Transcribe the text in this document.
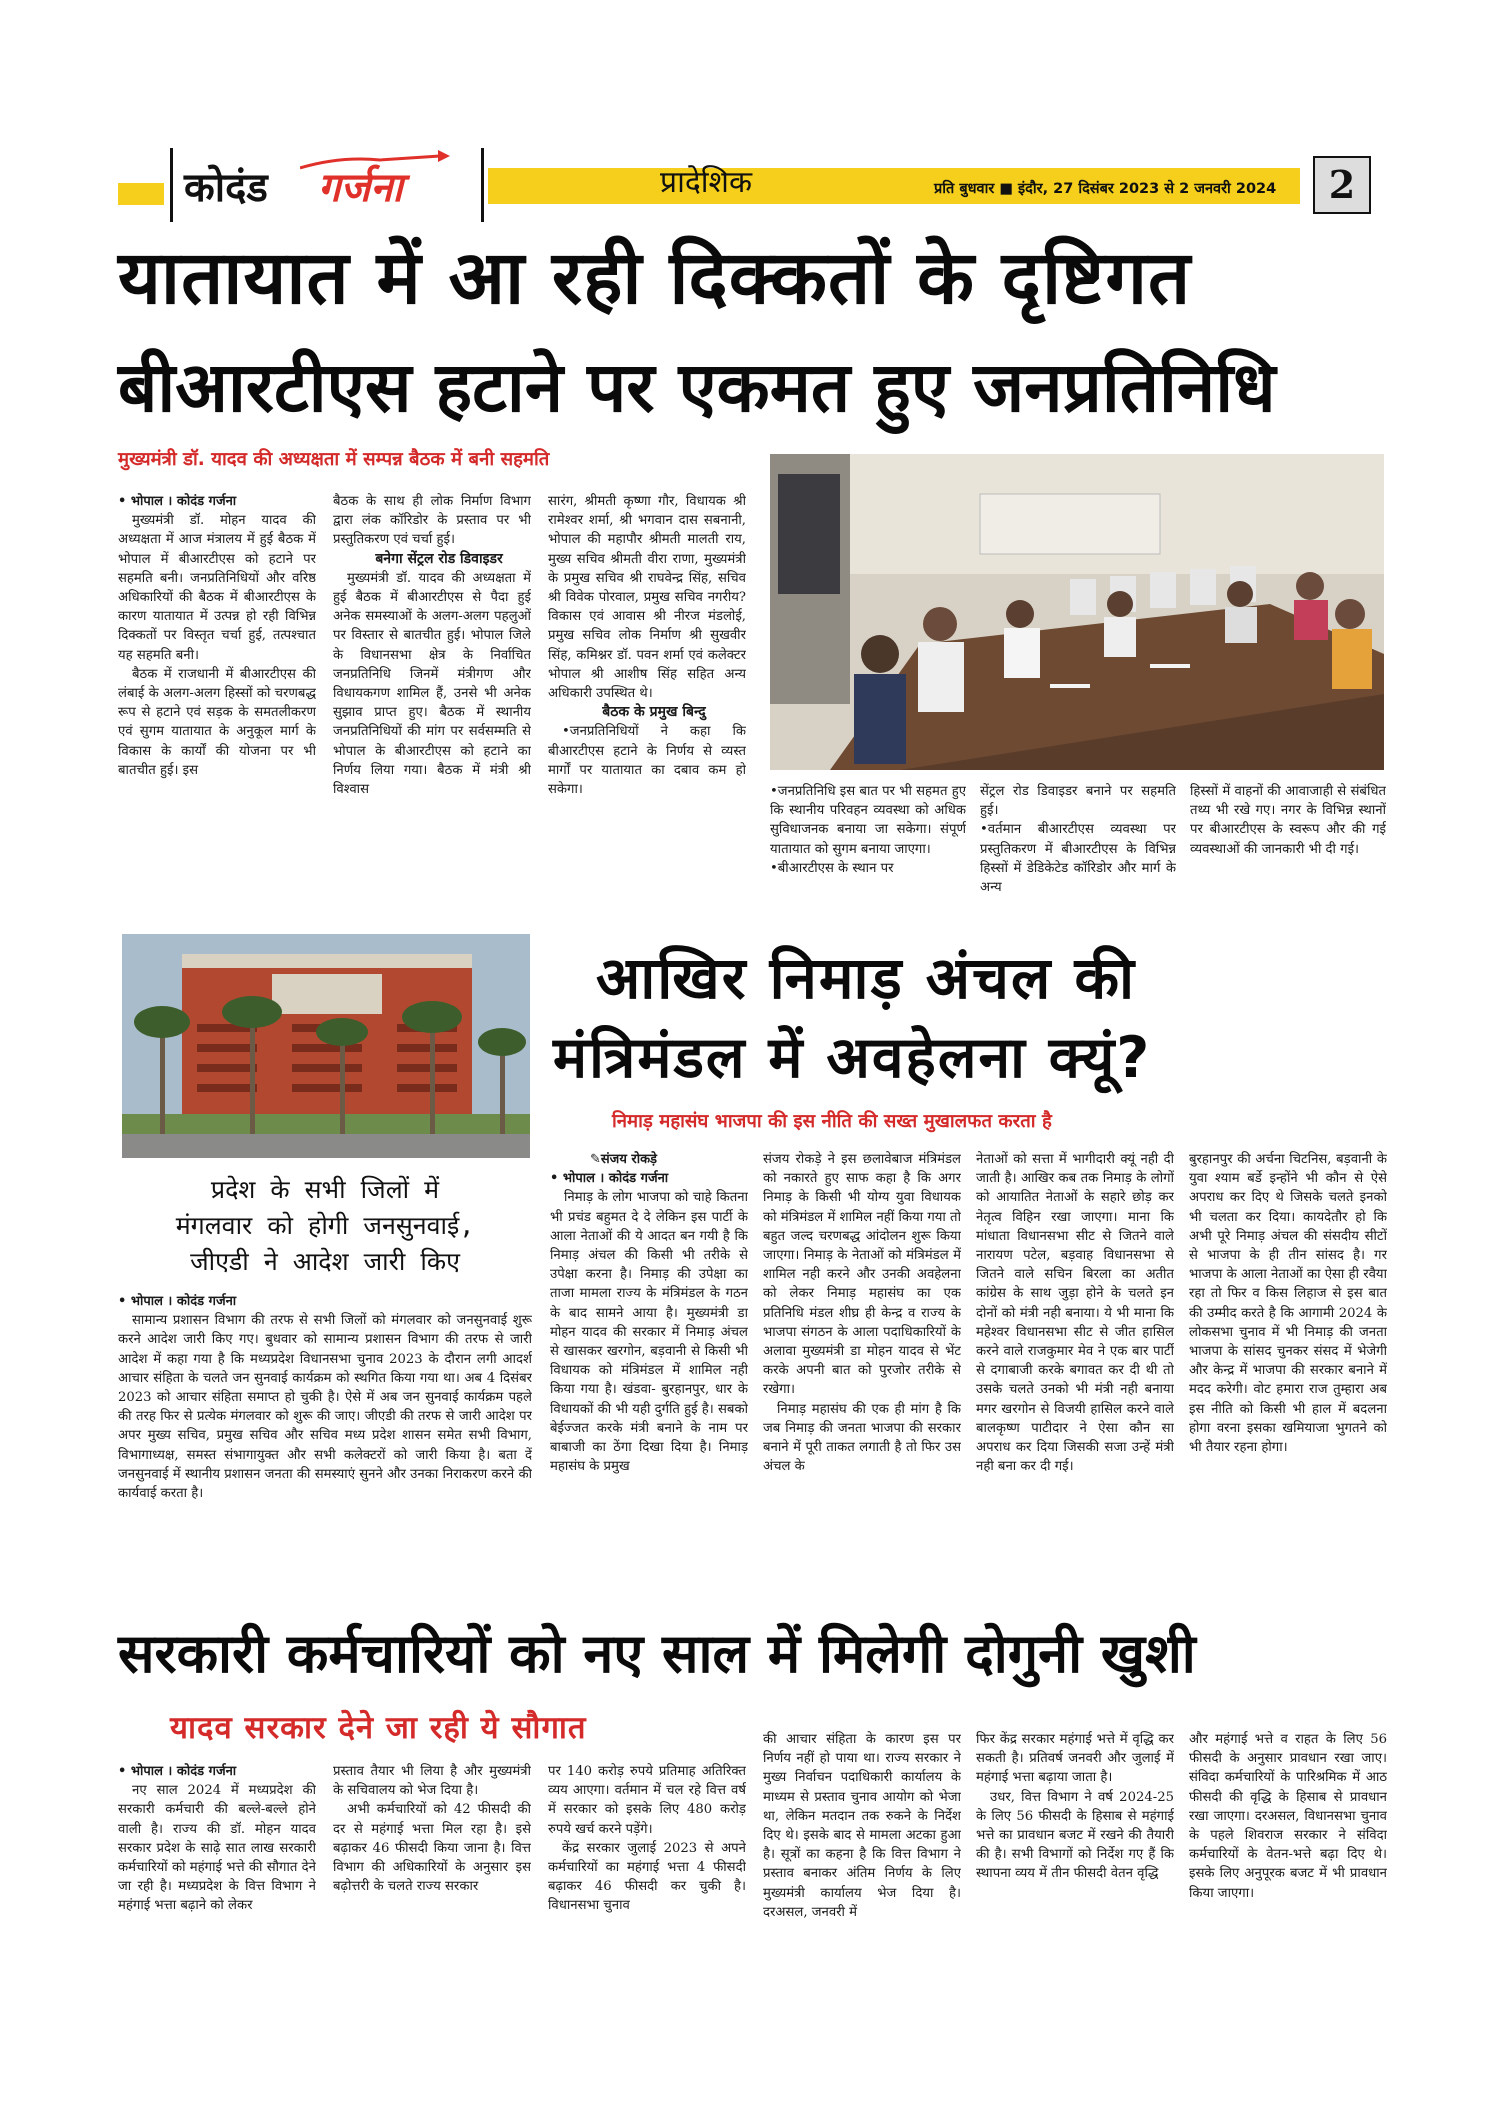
कोदंड गर्जना	प्रादेशिक	प्रति बुधवार ■ इंदौर, 27 दिसंबर 2023 से 2 जनवरी 2024	2
यातायात में आ रही दिक्कतों के दृष्टिगत
बीआरटीएस हटाने पर एकमत हुए जनप्रतिनिधि
मुख्यमंत्री डॉ. यादव की अध्यक्षता में सम्पन्न बैठक में बनी सहमति

• भोपाल । कोदंड गर्जना

मुख्यमंत्री डॉ. मोहन यादव की अध्यक्षता में आज मंत्रालय में हुई बैठक में भोपाल में बीआरटीएस को हटाने पर सहमति बनी। जनप्रतिनिधियों और वरिष्ठ अधिकारियों की बैठक में बीआरटीएस के कारण यातायात में उत्पन्न हो रही विभिन्न दिक्कतों पर विस्तृत चर्चा हुई, तत्पश्चात यह सहमति बनी।

बैठक में राजधानी में बीआरटीएस की लंबाई के अलग-अलग हिस्सों को चरणबद्ध रूप से हटाने एवं सड़क के समतलीकरण एवं सुगम यातायात के अनुकूल मार्ग के विकास के कार्यों की योजना पर भी बातचीत हुई। इस

बैठक के साथ ही लोक निर्माण विभाग द्वारा लंक कॉरिडोर के प्रस्ताव पर भी प्रस्तुतिकरण एवं चर्चा हुई।

बनेगा सेंट्रल रोड डिवाइडर

मुख्यमंत्री डॉ. यादव की अध्यक्षता में हुई बैठक में बीआरटीएस से पैदा हुई अनेक समस्याओं के अलग-अलग पहलुओं पर विस्तार से बातचीत हुई। भोपाल जिले के विधानसभा क्षेत्र के निर्वाचित जनप्रतिनिधि जिनमें मंत्रीगण और विधायकगण शामिल हैं, उनसे भी अनेक सुझाव प्राप्त हुए। बैठक में स्थानीय जनप्रतिनिधियों की मांग पर सर्वसम्मति से भोपाल के बीआरटीएस को हटाने का निर्णय लिया गया। बैठक में मंत्री श्री विश्वास

सारंग, श्रीमती कृष्णा गौर, विधायक श्री रामेश्वर शर्मा, श्री भगवान दास सबनानी, भोपाल की महापौर श्रीमती मालती राय, मुख्य सचिव श्रीमती वीरा राणा, मुख्यमंत्री के प्रमुख सचिव श्री राघवेन्द्र सिंह, सचिव श्री विवेक पोरवाल, प्रमुख सचिव नगरीय? विकास एवं आवास श्री नीरज मंडलोई, प्रमुख सचिव लोक निर्माण श्री सुखवीर सिंह, कमिश्नर डॉ. पवन शर्मा एवं कलेक्टर भोपाल श्री आशीष सिंह सहित अन्य अधिकारी उपस्थित थे।

बैठक के प्रमुख बिन्दु

•जनप्रतिनिधियों ने कहा कि बीआरटीएस हटाने के निर्णय से व्यस्त मार्गों पर यातायात का दबाव कम हो सकेगा।	•जनप्रतिनिधि इस बात पर भी सहमत हुए कि स्थानीय परिवहन व्यवस्था को अधिक सुविधाजनक बनाया जा सकेगा। संपूर्ण यातायात को सुगम बनाया जाएगा।

•बीआरटीएस के स्थान पर

सेंट्रल रोड डिवाइडर बनाने पर सहमति हुई।

•वर्तमान बीआरटीएस व्यवस्था पर प्रस्तुतिकरण में बीआरटीएस के विभिन्न हिस्सों में डेडिकेटेड कॉरिडोर और मार्ग के अन्य

हिस्सों में वाहनों की आवाजाही से संबंधित तथ्य भी रखे गए। नगर के विभिन्न स्थानों पर बीआरटीएस के स्वरूप और की गई व्यवस्थाओं की जानकारी भी दी गई।

प्रदेश के सभी जिलों में
मंगलवार को होगी जनसुनवाई,
जीएडी ने आदेश जारी किए

• भोपाल । कोदंड गर्जना

सामान्य प्रशासन विभाग की तरफ से सभी जिलों को मंगलवार को जनसुनवाई शुरू करने आदेश जारी किए गए। बुधवार को सामान्य प्रशासन विभाग की तरफ से जारी आदेश में कहा गया है कि मध्यप्रदेश विधानसभा चुनाव 2023 के दौरान लगी आदर्श आचार संहिता के चलते जन सुनवाई कार्यक्रम को स्थगित किया गया था। अब 4 दिसंबर 2023 को आचार संहिता समाप्त हो चुकी है। ऐसे में अब जन सुनवाई कार्यक्रम पहले की तरह फिर से प्रत्येक मंगलवार को शुरू की जाए। जीएडी की तरफ से जारी आदेश पर अपर मुख्य सचिव, प्रमुख सचिव और सचिव मध्य प्रदेश शासन समेत सभी विभाग, विभागाध्यक्ष, समस्त संभागायुक्त और सभी कलेक्टरों को जारी किया है। बता दें जनसुनवाई में स्थानीय प्रशासन जनता की समस्याएं सुनने और उनका निराकरण करने की कार्यवाई करता है।

आखिर निमाड़ अंचल की
मंत्रिमंडल में अवहेलना क्यूं?
निमाड़ महासंघ भाजपा की इस नीति की सख्त मुखालफत करता है

✎संजय रोकड़े

• भोपाल । कोदंड गर्जना

निमाड़ के लोग भाजपा को चाहे कितना भी प्रचंड बहुमत दे दे लेकिन इस पार्टी के आला नेताओं की ये आदत बन गयी है कि निमाड़ अंचल की किसी भी तरीके से उपेक्षा करना है। निमाड़ की उपेक्षा का ताजा मामला राज्य के मंत्रिमंडल के गठन के बाद सामने आया है। मुख्यमंत्री डा मोहन यादव की सरकार में निमाड़ अंचल से खासकर खरगोन, बड़वानी से किसी भी विधायक को मंत्रिमंडल में शामिल नही किया गया है। खंडवा- बुरहानपुर, धार के विधायकों की भी यही दुर्गति हुई है। सबको बेईज्जत करके मंत्री बनाने के नाम पर बाबाजी का ठेंगा दिखा दिया है। निमाड़ महासंघ के प्रमुख

संजय रोकड़े ने इस छलावेबाज मंत्रिमंडल को नकारते हुए साफ कहा है कि अगर निमाड़ के किसी भी योग्य युवा विधायक को मंत्रिमंडल में शामिल नहीं किया गया तो बहुत जल्द चरणबद्ध आंदोलन शुरू किया जाएगा। निमाड़ के नेताओं को मंत्रिमंडल में शामिल नही करने और उनकी अवहेलना को लेकर निमाड़ महासंघ का एक प्रतिनिधि मंडल शीघ्र ही केन्द्र व राज्य के भाजपा संगठन के आला पदाधिकारियों के अलावा मुख्यमंत्री डा मोहन यादव से भेंट करके अपनी बात को पुरजोर तरीके से रखेगा।

निमाड़ महासंघ की एक ही मांग है कि जब निमाड़ की जनता भाजपा की सरकार बनाने में पूरी ताकत लगाती है तो फिर उस अंचल के

नेताओं को सत्ता में भागीदारी क्यूं नही दी जाती है। आखिर कब तक निमाड़ के लोगों को आयातित नेताओं के सहारे छोड़ कर नेतृत्व विहिन रखा जाएगा। माना कि मांधाता विधानसभा सीट से जितने वाले नारायण पटेल, बड़वाह विधानसभा से जितने वाले सचिन बिरला का अतीत कांग्रेस के साथ जुड़ा होने के चलते इन दोनों को मंत्री नही बनाया। ये भी माना कि महेश्वर विधानसभा सीट से जीत हासिल करने वाले राजकुमार मेव ने एक बार पार्टी से दगाबाजी करके बगावत कर दी थी तो उसके चलते उनको भी मंत्री नही बनाया मगर खरगोन से विजयी हासिल करने वाले बालकृष्ण पाटीदार ने ऐसा कौन सा अपराध कर दिया जिसकी सजा उन्हें मंत्री नही बना कर दी गई।

बुरहानपुर की अर्चना चिटनिस, बड़वानी के युवा श्याम बर्डे इन्होंने भी कौन से ऐसे अपराध कर दिए थे जिसके चलते इनको भी चलता कर दिया। कायदेतौर हो कि अभी पूरे निमाड़ अंचल की संसदीय सीटों से भाजपा के ही तीन सांसद है। गर भाजपा के आला नेताओं का ऐसा ही रवैया रहा तो फिर व किस लिहाज से इस बात की उम्मीद करते है कि आगामी 2024 के लोकसभा चुनाव में भी निमाड़ की जनता भाजपा के सांसद चुनकर संसद में भेजेगी और केन्द्र में भाजपा की सरकार बनाने में मदद करेगी। वोट हमारा राज तुम्हारा अब इस नीति को किसी भी हाल में बदलना होगा वरना इसका खमियाजा भुगतने को भी तैयार रहना होगा।

सरकारी कर्मचारियों को नए साल में मिलेगी दोगुनी खुशी
यादव सरकार देने जा रही ये सौगात

• भोपाल । कोदंड गर्जना

नए साल 2024 में मध्यप्रदेश की सरकारी कर्मचारी की बल्ले-बल्ले होने वाली है। राज्य की डॉ. मोहन यादव सरकार प्रदेश के साढ़े सात लाख सरकारी कर्मचारियों को महंगाई भत्ते की सौगात देने जा रही है। मध्यप्रदेश के वित्त विभाग ने महंगाई भत्ता बढ़ाने को लेकर

प्रस्ताव तैयार भी लिया है और मुख्यमंत्री के सचिवालय को भेज दिया है।

अभी कर्मचारियों को 42 फीसदी की दर से महंगाई भत्ता मिल रहा है। इसे बढ़ाकर 46 फीसदी किया जाना है। वित्त विभाग की अधिकारियों के अनुसार इस बढ़ोत्तरी के चलते राज्य सरकार

पर 140 करोड़ रुपये प्रतिमाह अतिरिक्त व्यय आएगा। वर्तमान में चल रहे वित्त वर्ष में सरकार को इसके लिए 480 करोड़ रुपये खर्च करने पड़ेंगे।

केंद्र सरकार जुलाई 2023 से अपने कर्मचारियों का महंगाई भत्ता 4 फीसदी बढ़ाकर 46 फीसदी कर चुकी है। विधानसभा चुनाव

की आचार संहिता के कारण इस पर निर्णय नहीं हो पाया था। राज्य सरकार ने मुख्य निर्वाचन पदाधिकारी कार्यालय के माध्यम से प्रस्ताव चुनाव आयोग को भेजा था, लेकिन मतदान तक रुकने के निर्देश दिए थे। इसके बाद से मामला अटका हुआ है। सूत्रों का कहना है कि वित्त विभाग ने प्रस्ताव बनाकर अंतिम निर्णय के लिए मुख्यमंत्री कार्यालय भेज दिया है। दरअसल, जनवरी में

फिर केंद्र सरकार महंगाई भत्ते में वृद्धि कर सकती है। प्रतिवर्ष जनवरी और जुलाई में महंगाई भत्ता बढ़ाया जाता है।

उधर, वित्त विभाग ने वर्ष 2024-25 के लिए 56 फीसदी के हिसाब से महंगाई भत्ते का प्रावधान बजट में रखने की तैयारी की है। सभी विभागों को निर्देश गए हैं कि स्थापना व्यय में तीन फीसदी वेतन वृद्धि

और महंगाई भत्ते व राहत के लिए 56 फीसदी के अनुसार प्रावधान रखा जाए। संविदा कर्मचारियों के पारिश्रमिक में आठ फीसदी की वृद्धि के हिसाब से प्रावधान रखा जाएगा। दरअसल, विधानसभा चुनाव के पहले शिवराज सरकार ने संविदा कर्मचारियों के वेतन-भत्ते बढ़ा दिए थे। इसके लिए अनुपूरक बजट में भी प्रावधान किया जाएगा।
